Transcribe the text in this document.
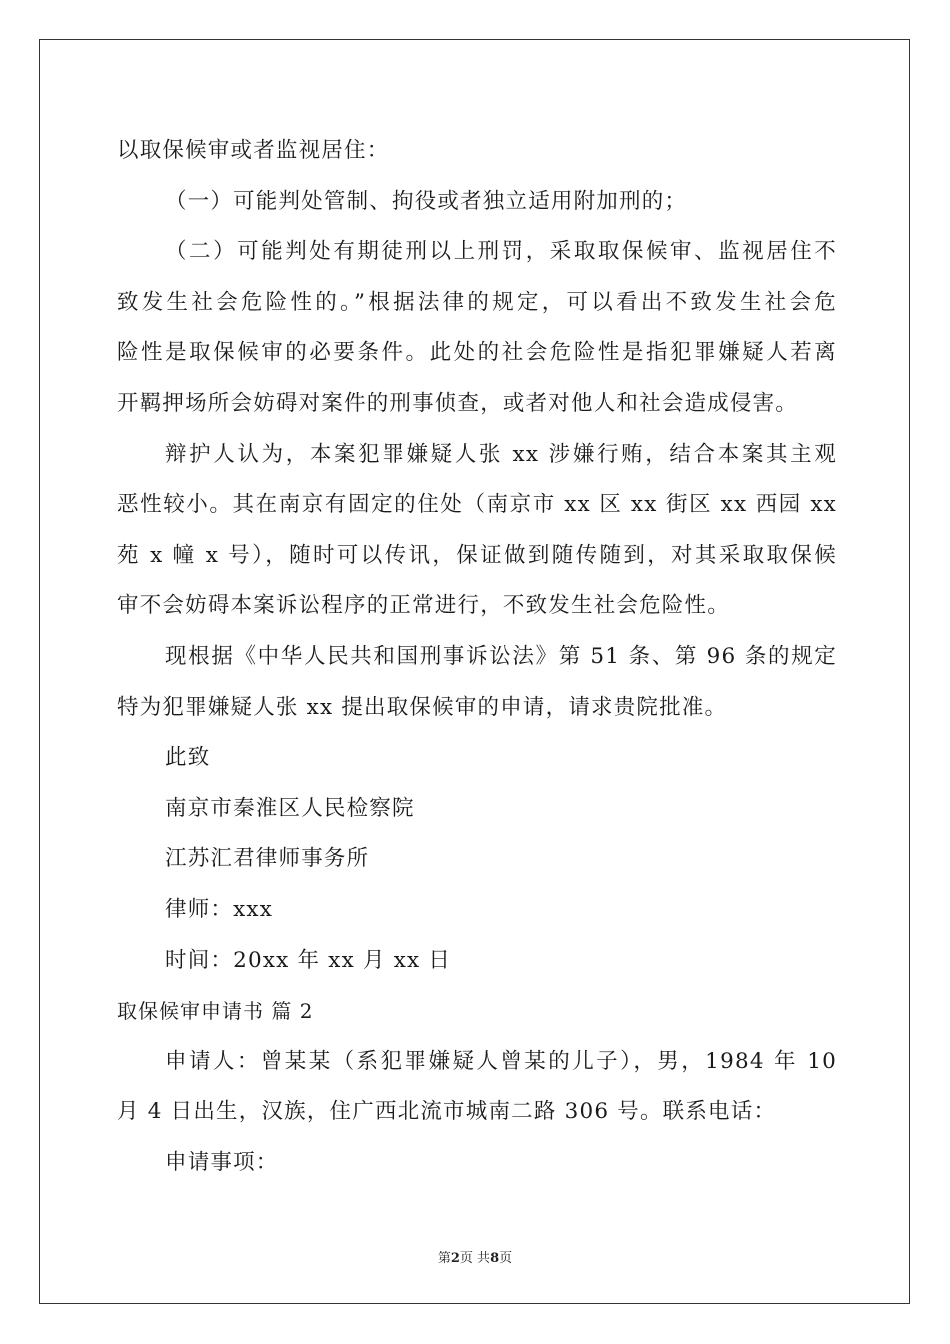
以取保候审或者监视居住：
（一）可能判处管制、拘役或者独立适用附加刑的；
（二）可能判处有期徒刑以上刑罚，采取取保候审、监视居住不
致发生社会危险性的。”根据法律的规定，可以看出不致发生社会危
险性是取保候审的必要条件。此处的社会危险性是指犯罪嫌疑人若离
开羁押场所会妨碍对案件的刑事侦查，或者对他人和社会造成侵害。
辩护人认为，本案犯罪嫌疑人张 xx 涉嫌行贿，结合本案其主观
恶性较小。其在南京有固定的住处（南京市 xx 区 xx 街区 xx 西园 xx
苑 x 幢 x 号），随时可以传讯，保证做到随传随到，对其采取取保候
审不会妨碍本案诉讼程序的正常进行，不致发生社会危险性。
现根据《中华人民共和国刑事诉讼法》第 51 条、第 96 条的规定
特为犯罪嫌疑人张 xx 提出取保候审的申请，请求贵院批准。
此致
南京市秦淮区人民检察院
江苏汇君律师事务所
律师：xxx
时间：20xx 年 xx 月 xx 日
取保候审申请书 篇 2
申请人：曾某某（系犯罪嫌疑人曾某的儿子），男，1984 年 10
月 4 日出生，汉族，住广西北流市城南二路 306 号。联系电话：
申请事项：
第2页 共8页
